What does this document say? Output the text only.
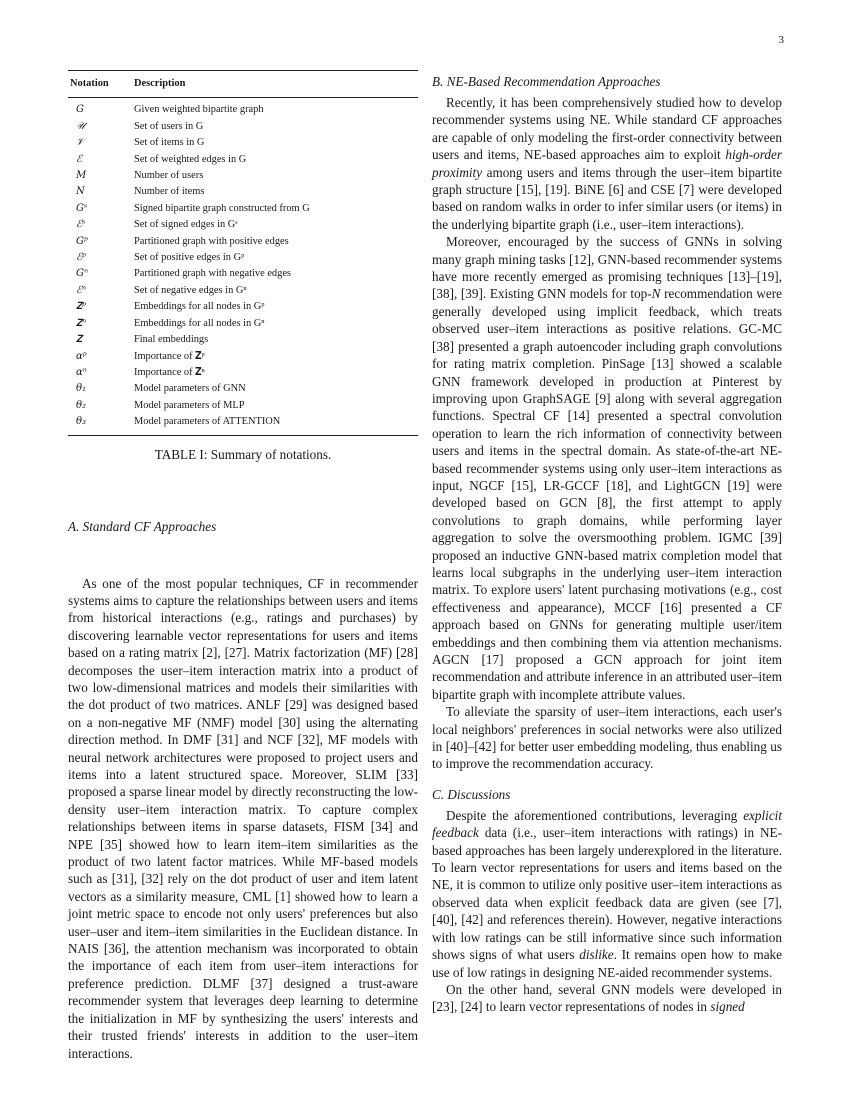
3
Notation	Description
G	Given weighted bipartite graph
𝒰	Set of users in G
𝒱	Set of items in G
ℰ	Set of weighted edges in G
M	Number of users
N	Number of items
Gˢ	Signed bipartite graph constructed from G
ℰˢ	Set of signed edges in Gˢ
Gᵖ	Partitioned graph with positive edges
ℰᵖ	Set of positive edges in Gᵖ
Gⁿ	Partitioned graph with negative edges
ℰⁿ	Set of negative edges in Gⁿ
𝐙ᵖ	Embeddings for all nodes in Gᵖ
𝐙ⁿ	Embeddings for all nodes in Gⁿ
𝐙	Final embeddings
αᵖ	Importance of 𝐙ᵖ
αⁿ	Importance of 𝐙ⁿ
θ₁	Model parameters of GNN
θ₂	Model parameters of MLP
θ₃	Model parameters of ATTENTION
TABLE I: Summary of notations.
A. Standard CF Approaches

As one of the most popular techniques, CF in recommender systems aims to capture the relationships between users and items from historical interactions (e.g., ratings and purchases) by discovering learnable vector representations for users and items based on a rating matrix [2], [27]. Matrix factorization (MF) [28] decomposes the user–item interaction matrix into a product of two low-dimensional matrices and models their similarities with the dot product of two matrices. ANLF [29] was designed based on a non-negative MF (NMF) model [30] using the alternating direction method. In DMF [31] and NCF [32], MF models with neural network architectures were proposed to project users and items into a latent structured space. Moreover, SLIM [33] proposed a sparse linear model by directly reconstructing the low-density user–item interaction matrix. To capture complex relationships between items in sparse datasets, FISM [34] and NPE [35] showed how to learn item–item similarities as the product of two latent factor matrices. While MF-based models such as [31], [32] rely on the dot product of user and item latent vectors as a similarity measure, CML [1] showed how to learn a joint metric space to encode not only users' preferences but also user–user and item–item similarities in the Euclidean distance. In NAIS [36], the attention mechanism was incorporated to obtain the importance of each item from user–item interactions for preference prediction. DLMF [37] designed a trust-aware recommender system that leverages deep learning to determine the initialization in MF by synthesizing the users' interests and their trusted friends' interests in addition to the user–item interactions.

B. NE-Based Recommendation Approaches

Recently, it has been comprehensively studied how to develop recommender systems using NE. While standard CF approaches are capable of only modeling the first-order connectivity between users and items, NE-based approaches aim to exploit high-order proximity among users and items through the user–item bipartite graph structure [15], [19]. BiNE [6] and CSE [7] were developed based on random walks in order to infer similar users (or items) in the underlying bipartite graph (i.e., user–item interactions).

Moreover, encouraged by the success of GNNs in solving many graph mining tasks [12], GNN-based recommender systems have more recently emerged as promising techniques [13]–[19], [38], [39]. Existing GNN models for top-N recommendation were generally developed using implicit feedback, which treats observed user–item interactions as positive relations. GC-MC [38] presented a graph autoencoder including graph convolutions for rating matrix completion. PinSage [13] showed a scalable GNN framework developed in production at Pinterest by improving upon GraphSAGE [9] along with several aggregation functions. Spectral CF [14] presented a spectral convolution operation to learn the rich information of connectivity between users and items in the spectral domain. As state-of-the-art NE-based recommender systems using only user–item interactions as input, NGCF [15], LR-GCCF [18], and LightGCN [19] were developed based on GCN [8], the first attempt to apply convolutions to graph domains, while performing layer aggregation to solve the oversmoothing problem. IGMC [39] proposed an inductive GNN-based matrix completion model that learns local subgraphs in the underlying user–item interaction matrix. To explore users' latent purchasing motivations (e.g., cost effectiveness and appearance), MCCF [16] presented a CF approach based on GNNs for generating multiple user/item embeddings and then combining them via attention mechanisms. AGCN [17] proposed a GCN approach for joint item recommendation and attribute inference in an attributed user–item bipartite graph with incomplete attribute values.

To alleviate the sparsity of user–item interactions, each user's local neighbors' preferences in social networks were also utilized in [40]–[42] for better user embedding modeling, thus enabling us to improve the recommendation accuracy.

C. Discussions

Despite the aforementioned contributions, leveraging explicit feedback data (i.e., user–item interactions with ratings) in NE-based approaches has been largely underexplored in the literature. To learn vector representations for users and items based on the NE, it is common to utilize only positive user–item interactions as observed data when explicit feedback data are given (see [7], [40], [42] and references therein). However, negative interactions with low ratings can be still informative since such information shows signs of what users dislike. It remains open how to make use of low ratings in designing NE-aided recommender systems.

On the other hand, several GNN models were developed in [23], [24] to learn vector representations of nodes in signed
